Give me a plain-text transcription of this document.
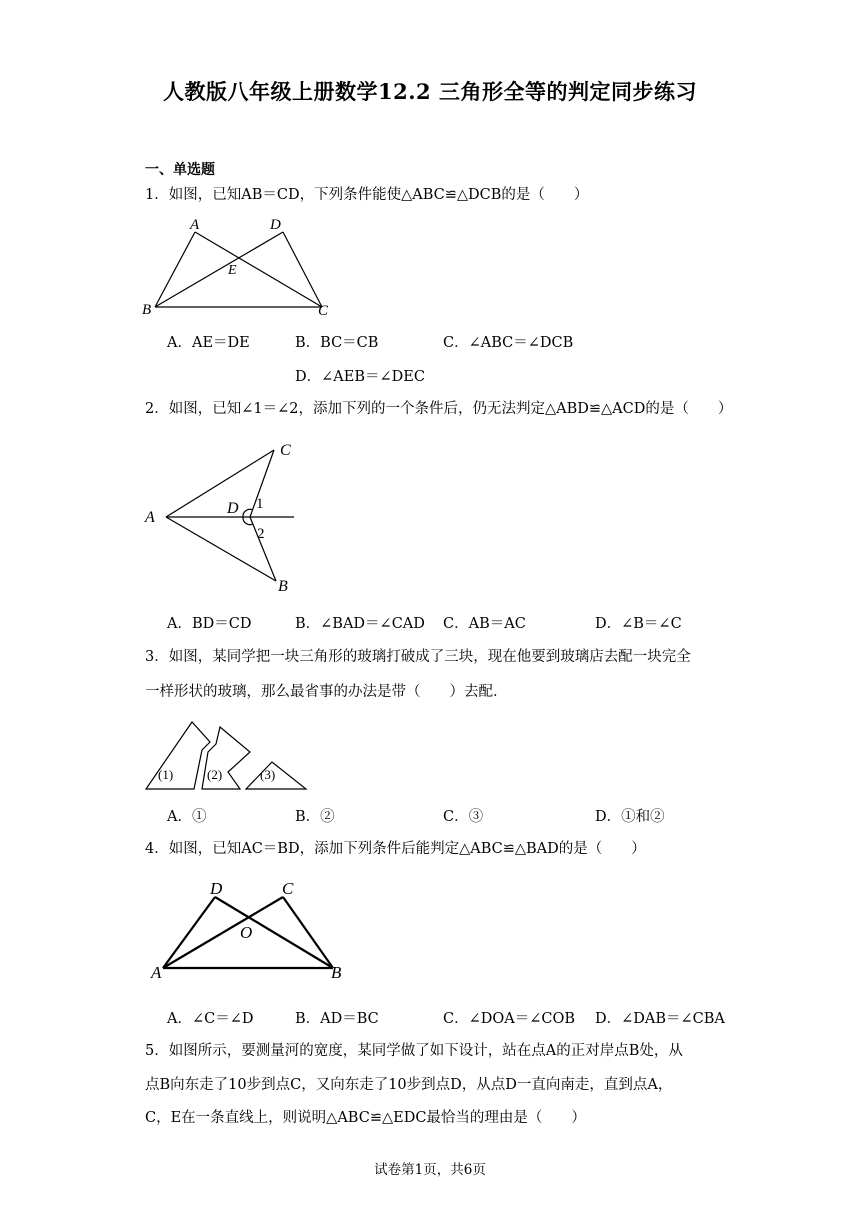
人教版八年级上册数学12.2 三角形全等的判定同步练习
一、单选题
1．如图，已知AB＝CD，下列条件能使△ABC≌△DCB的是（　　）
A	D
E
B	C
A．AE＝DE	B．BC＝CB	C．∠ABC＝∠DCB
D．∠AEB＝∠DEC
2．如图，已知∠1＝∠2，添加下列的一个条件后，仍无法判定△ABD≌△ACD的是（　　）
C
A
D 1
2
B
A．BD＝CD	B．∠BAD＝∠CAD C．AB＝AC	D．∠B＝∠C
3．如图，某同学把一块三角形的玻璃打破成了三块，现在他要到玻璃店去配一块完全
一样形状的玻璃，那么最省事的办法是带（　　）去配．
(1)	(2)	(3)
A．①	B．②	C．③	D．①和②
4．如图，已知AC＝BD，添加下列条件后能判定△ABC≌△BAD的是（　　）
D	C
O
A	B
A．∠C＝∠D	B．AD＝BC	C．∠DOA＝∠COB D．∠DAB＝∠CBA
5．如图所示，要测量河的宽度，某同学做了如下设计，站在点A的正对岸点B处，从
点B向东走了10步到点C，又向东走了10步到点D，从点D一直向南走，直到点A，
C，E在一条直线上，则说明△ABC≌△EDC最恰当的理由是（　　）
试卷第1页，共6页
